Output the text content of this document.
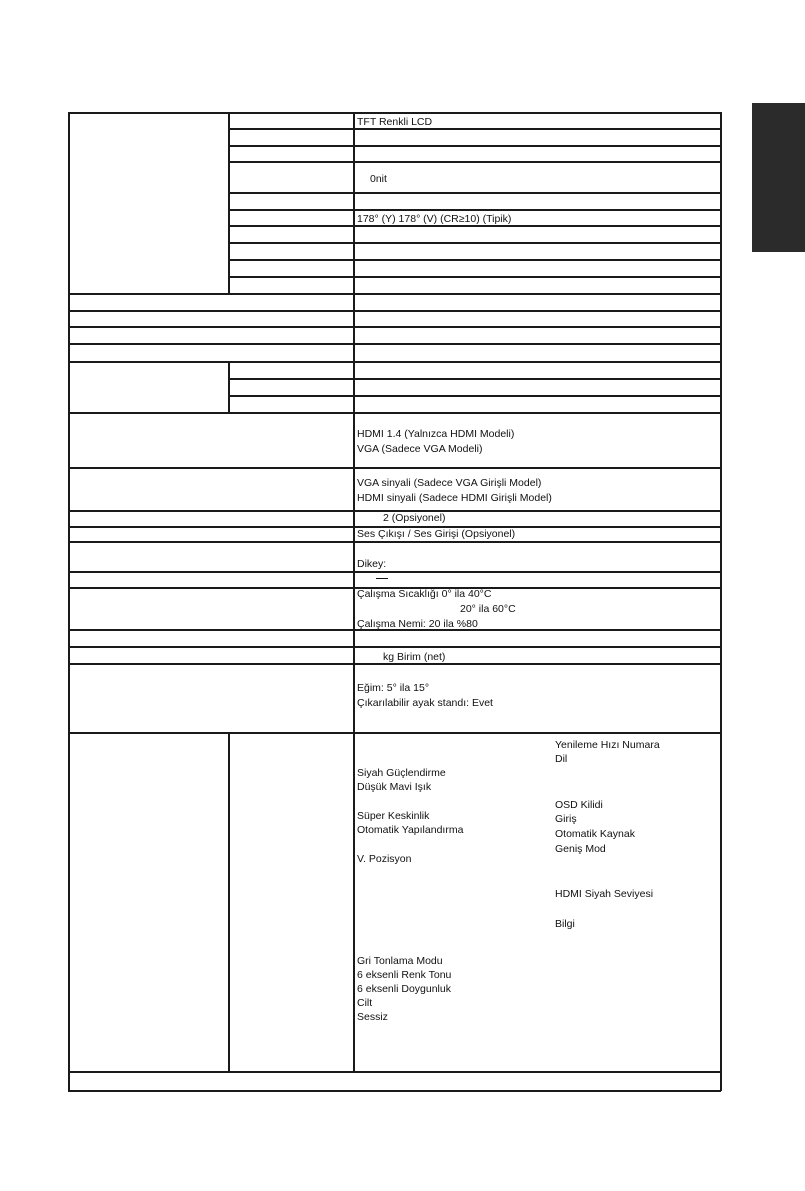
TFT Renkli LCD
0nit
178° (Y) 178° (V) (CR≥10) (Tipik)
HDMI 1.4 (Yalnızca HDMI Modeli)
VGA (Sadece VGA Modeli)
VGA sinyali (Sadece VGA Girişli Model)
HDMI sinyali (Sadece HDMI Girişli Model)
2 (Opsiyonel)
Ses Çıkışı / Ses Girişi (Opsiyonel)
Dikey:
Çalışma Sıcaklığı 0° ila 40°C
20° ila 60°C
Çalışma Nemi: 20 ila %80
kg Birim (net)
Eğim: 5° ila 15°
Çıkarılabilir ayak standı: Evet
Siyah Güçlendirme
Düşük Mavi Işık
Süper Keskinlik
Otomatik Yapılandırma
V. Pozisyon
Gri Tonlama Modu
6 eksenli Renk Tonu
6 eksenli Doygunluk
Cilt
Sessiz
Yenileme Hızı Numara
Dil
OSD Kilidi
Giriş
Otomatik Kaynak
Geniş Mod
HDMI Siyah Seviyesi
Bilgi
